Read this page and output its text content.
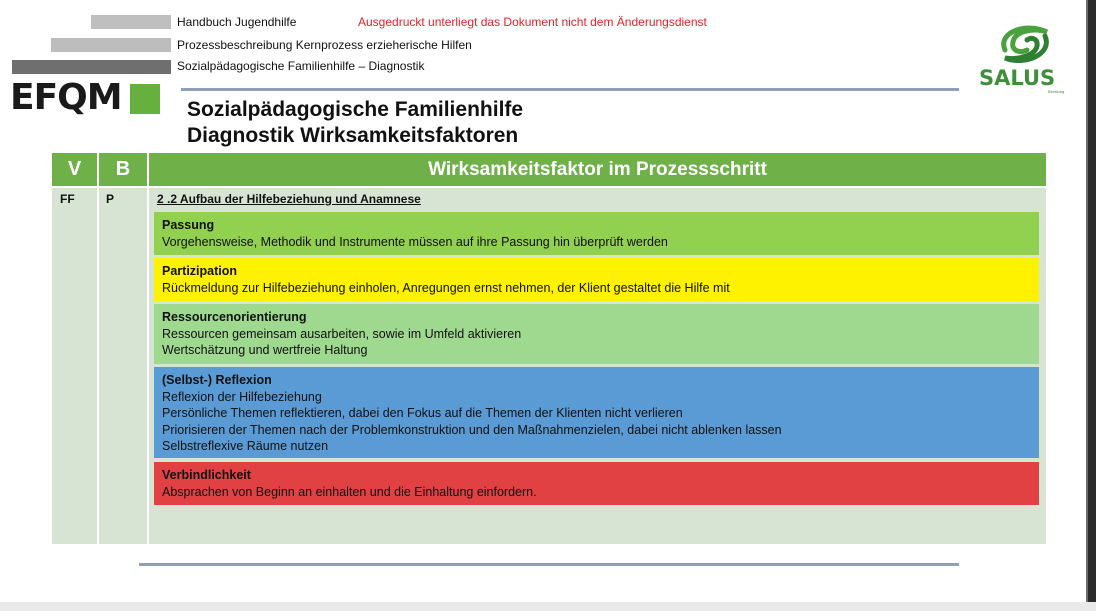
Handbuch Jugendhilfe
Prozessbeschreibung Kernprozess erzieherische Hilfen
Sozialpädagogische Familienhilfe – Diagnostik
Ausgedruckt unterliegt das Dokument nicht dem Änderungsdienst
EFQM	SALUS
Beratung
Sozialpädagogische Familienhilfe
Diagnostik Wirksamkeitsfaktoren
V	B	Wirksamkeitsfaktor im Prozessschritt
FF	P	2 .2 Aufbau der Hilfebeziehung und Anamnese
Passung
Vorgehensweise, Methodik und Instrumente müssen auf ihre Passung hin überprüft werden
Partizipation
Rückmeldung zur Hilfebeziehung einholen, Anregungen ernst nehmen, der Klient gestaltet die Hilfe mit
Ressourcenorientierung
Ressourcen gemeinsam ausarbeiten, sowie im Umfeld aktivieren
Wertschätzung und wertfreie Haltung
(Selbst-) Reflexion
Reflexion der Hilfebeziehung
Persönliche Themen reflektieren, dabei den Fokus auf die Themen der Klienten nicht verlieren
Priorisieren der Themen nach der Problemkonstruktion und den Maßnahmenzielen, dabei nicht ablenken lassen
Selbstreflexive Räume nutzen
Verbindlichkeit
Absprachen von Beginn an einhalten und die Einhaltung einfordern.
